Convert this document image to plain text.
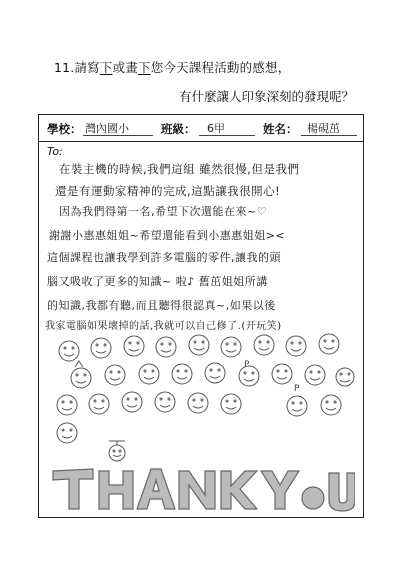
11.請寫下或畫下您今天課程活動的感想，
有什麼讓人印象深刻的發現呢？
學校： 灣內國小	班級： 6甲	姓名： 楊硯茁
To:
在裝主機的時候,我們這組 雖然很慢,但是我們
還是有運動家精神的完成,這點讓我很開心!
因為我們得第一名,希望下次還能在來~♡
謝謝小惠惠姐姐~希望還能看到小惠惠姐姐><
這個課程也讓我學到許多電腦的零件,讓我的頭
腦又吸收了更多的知識~ 啦♪ 舊茁姐姐所講
的知識,我都有聽,而且聽得很認真~,如果以後
我家電腦如果壞掉的話,我就可以自己修了.(开玩笑)
P
P
THANK YoU
